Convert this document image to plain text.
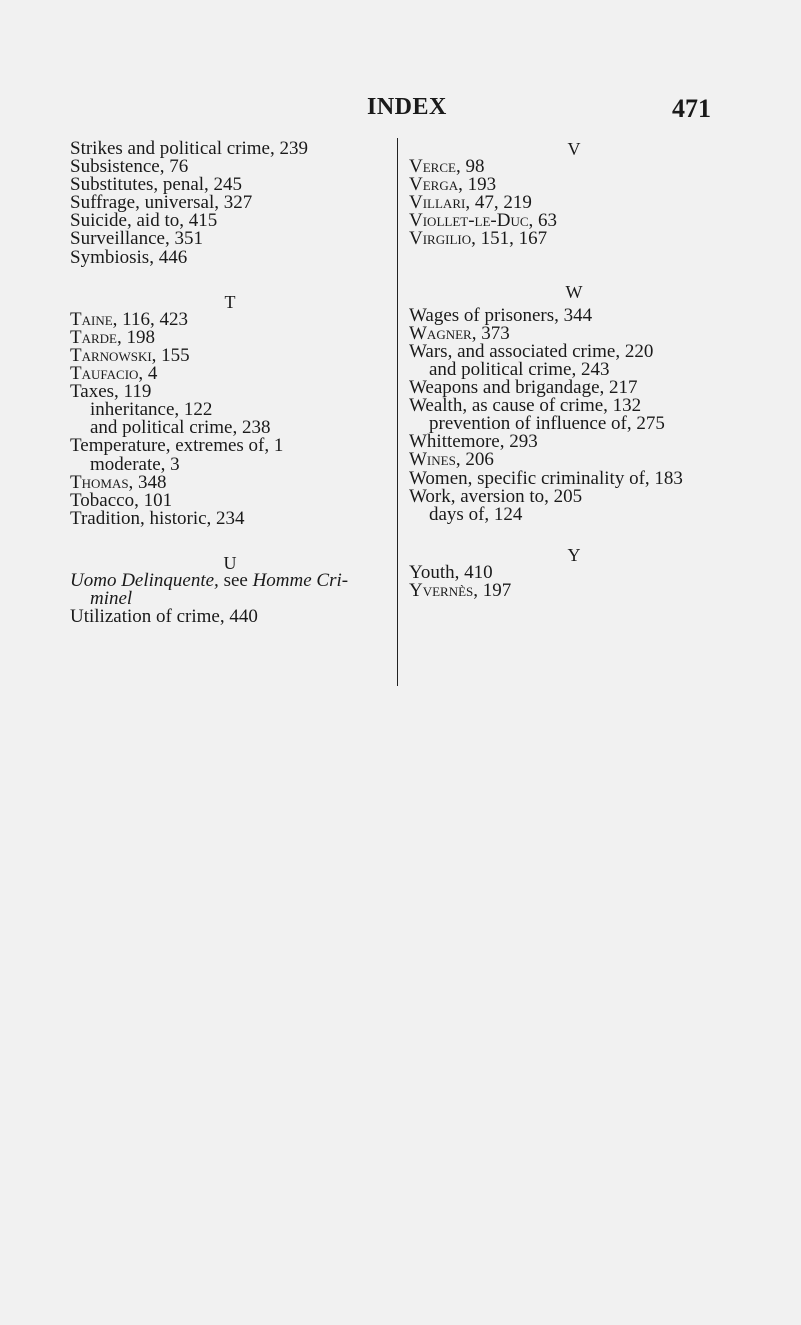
INDEX	471
Strikes and political crime, 239
Subsistence, 76
Substitutes, penal, 245
Suffrage, universal, 327
Suicide, aid to, 415
Surveillance, 351
Symbiosis, 446
T
Taine, 116, 423
Tarde, 198
Tarnowski, 155
Taufacio, 4
Taxes, 119
inheritance, 122
and political crime, 238
Temperature, extremes of, 1
moderate, 3
Thomas, 348
Tobacco, 101
Tradition, historic, 234
U
Uomo Delinquente, see Homme Cri-
minel
Utilization of crime, 440
V
Verce, 98
Verga, 193
Villari, 47, 219
Viollet-le-Duc, 63
Virgilio, 151, 167
W
Wages of prisoners, 344
Wagner, 373
Wars, and associated crime, 220
and political crime, 243
Weapons and brigandage, 217
Wealth, as cause of crime, 132
prevention of influence of, 275
Whittemore, 293
Wines, 206
Women, specific criminality of, 183
Work, aversion to, 205
days of, 124
Y
Youth, 410
Yvernès, 197
